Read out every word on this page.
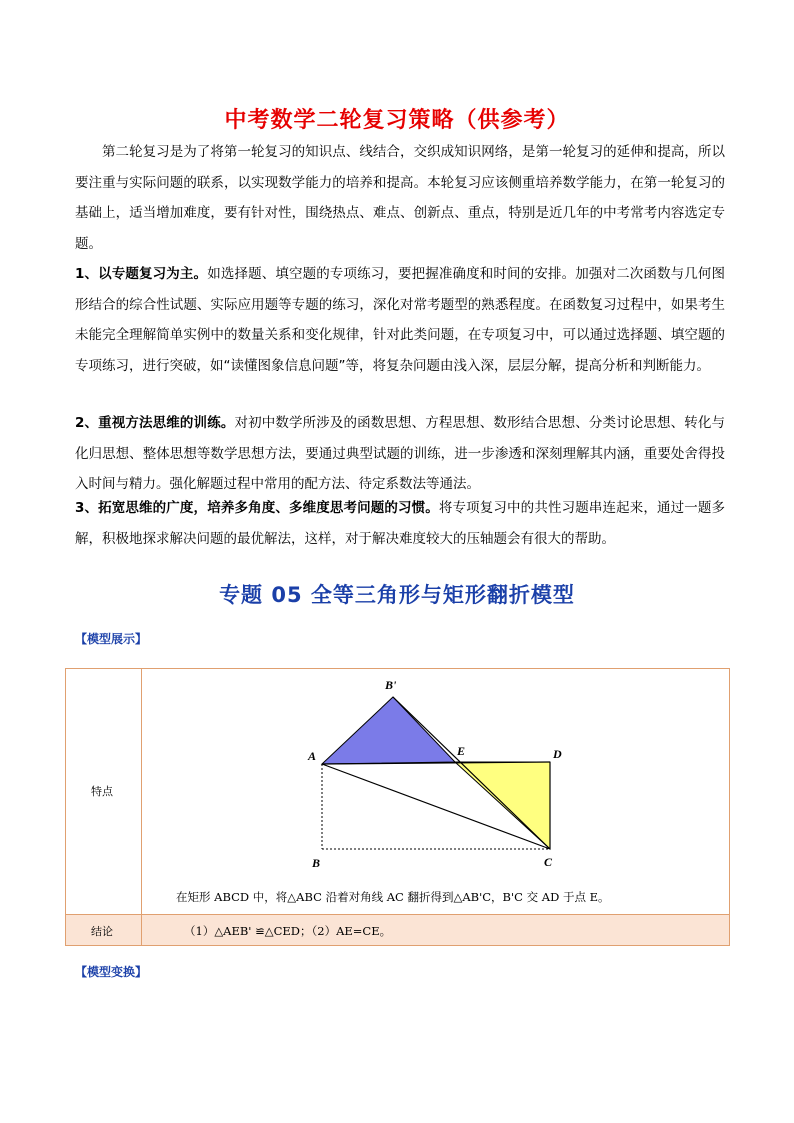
中考数学二轮复习策略（供参考）

第二轮复习是为了将第一轮复习的知识点、线结合，交织成知识网络，是第一轮复习的延伸和提高，所以要注重与实际问题的联系，以实现数学能力的培养和提高。本轮复习应该侧重培养数学能力，在第一轮复习的基础上，适当增加难度，要有针对性，围绕热点、难点、创新点、重点，特别是近几年的中考常考内容选定专题。

1、以专题复习为主。如选择题、填空题的专项练习，要把握准确度和时间的安排。加强对二次函数与几何图形结合的综合性试题、实际应用题等专题的练习，深化对常考题型的熟悉程度。在函数复习过程中，如果考生未能完全理解简单实例中的数量关系和变化规律，针对此类问题，在专项复习中，可以通过选择题、填空题的专项练习，进行突破，如“读懂图象信息问题”等，将复杂问题由浅入深，层层分解，提高分析和判断能力。

2、重视方法思维的训练。对初中数学所涉及的函数思想、方程思想、数形结合思想、分类讨论思想、转化与化归思想、整体思想等数学思想方法，要通过典型试题的训练，进一步渗透和深刻理解其内涵，重要处舍得投入时间与精力。强化解题过程中常用的配方法、待定系数法等通法。

3、拓宽思维的广度，培养多角度、多维度思考问题的习惯。将专项复习中的共性习题串连起来，通过一题多解，积极地探求解决问题的最优解法，这样，对于解决难度较大的压轴题会有很大的帮助。

专题 05 全等三角形与矩形翻折模型
【模型展示】
特点
B'
A	E	D
B	C
在矩形 ABCD 中，将△ABC 沿着对角线 AC 翻折得到△AB'C，B'C 交 AD 于点 E。
结论	（1）△AEB' ≌△CED；（2）AE=CE。
【模型变换】
